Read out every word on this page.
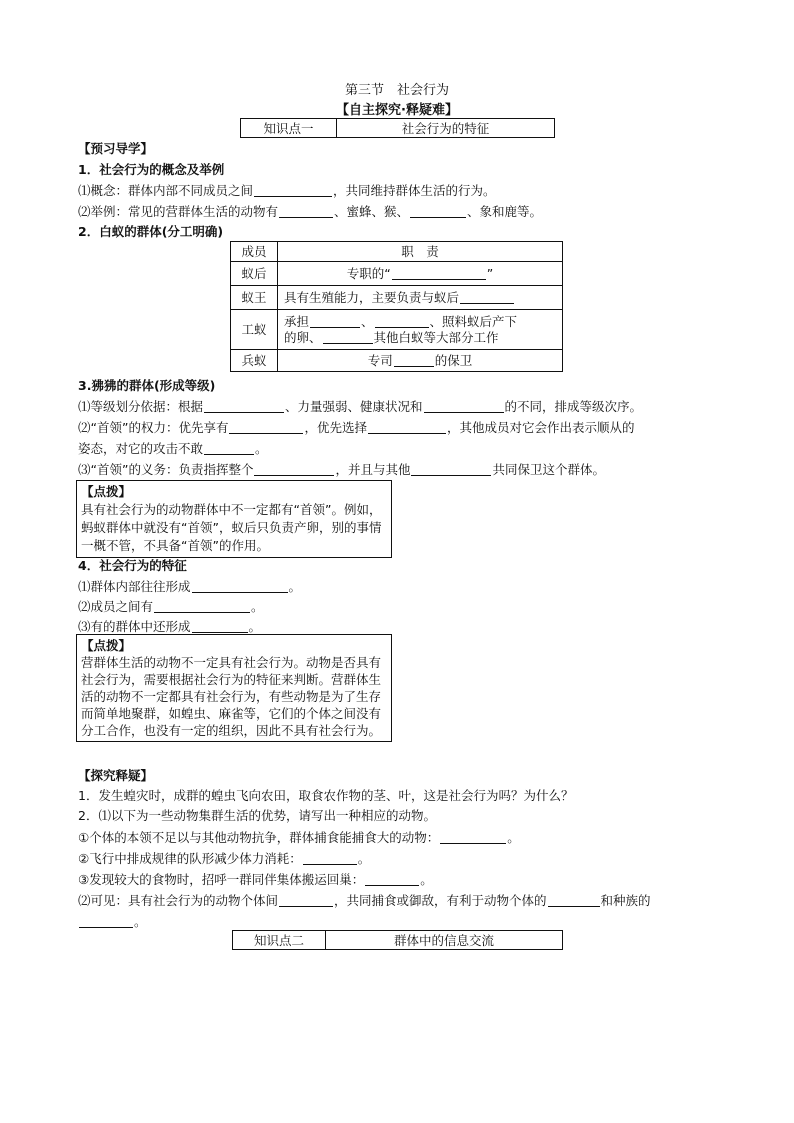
第三节　社会行为
【自主探究·释疑难】
知识点一	社会行为的特征
【预习导学】
1．社会行为的概念及举例
⑴概念：群体内部不同成员之间	，共同维持群体生活的行为。
⑵举例：常见的营群体生活的动物有	、蜜蜂、猴、	、象和鹿等。
2．白蚁的群体(分工明确)
成员	职　责
蚁后	专职的“ ”
蚁王	具有生殖能力，主要负责与蚁后
工蚁	承担 、 、照料蚁后产下
的卵、 其他白蚁等大部分工作
兵蚁	专司 的保卫
3.狒狒的群体(形成等级)
⑴等级划分依据：根据	、力量强弱、健康状况和	的不同，排成等级次序。
⑵“首领”的权力：优先享有	，优先选择	，其他成员对它会作出表示顺从的
姿态，对它的攻击不敢	。
⑶“首领”的义务：负责指挥整个	，并且与其他	共同保卫这个群体。
【点拨】
具有社会行为的动物群体中不一定都有“首领”。例如，蚂蚁群体中就没有“首领”，蚁后只负责产卵，别的事情一概不管，不具备“首领”的作用。
4．社会行为的特征
⑴群体内部往往形成	。
⑵成员之间有	。
⑶有的群体中还形成	。
【点拨】
营群体生活的动物不一定具有社会行为。动物是否具有社会行为，需要根据社会行为的特征来判断。营群体生活的动物不一定都具有社会行为，有些动物是为了生存而简单地聚群，如蝗虫、麻雀等，它们的个体之间没有分工合作，也没有一定的组织，因此不具有社会行为。
【探究释疑】
1．发生蝗灾时，成群的蝗虫飞向农田，取食农作物的茎、叶，这是社会行为吗？为什么？
2．⑴以下为一些动物集群生活的优势，请写出一种相应的动物。
①个体的本领不足以与其他动物抗争，群体捕食能捕食大的动物：	。
②飞行中排成规律的队形减少体力消耗：	。
③发现较大的食物时，招呼一群同伴集体搬运回巢：	。
⑵可见：具有社会行为的动物个体间	，共同捕食或御敌，有利于动物个体的	和种族的
。
知识点二	群体中的信息交流
